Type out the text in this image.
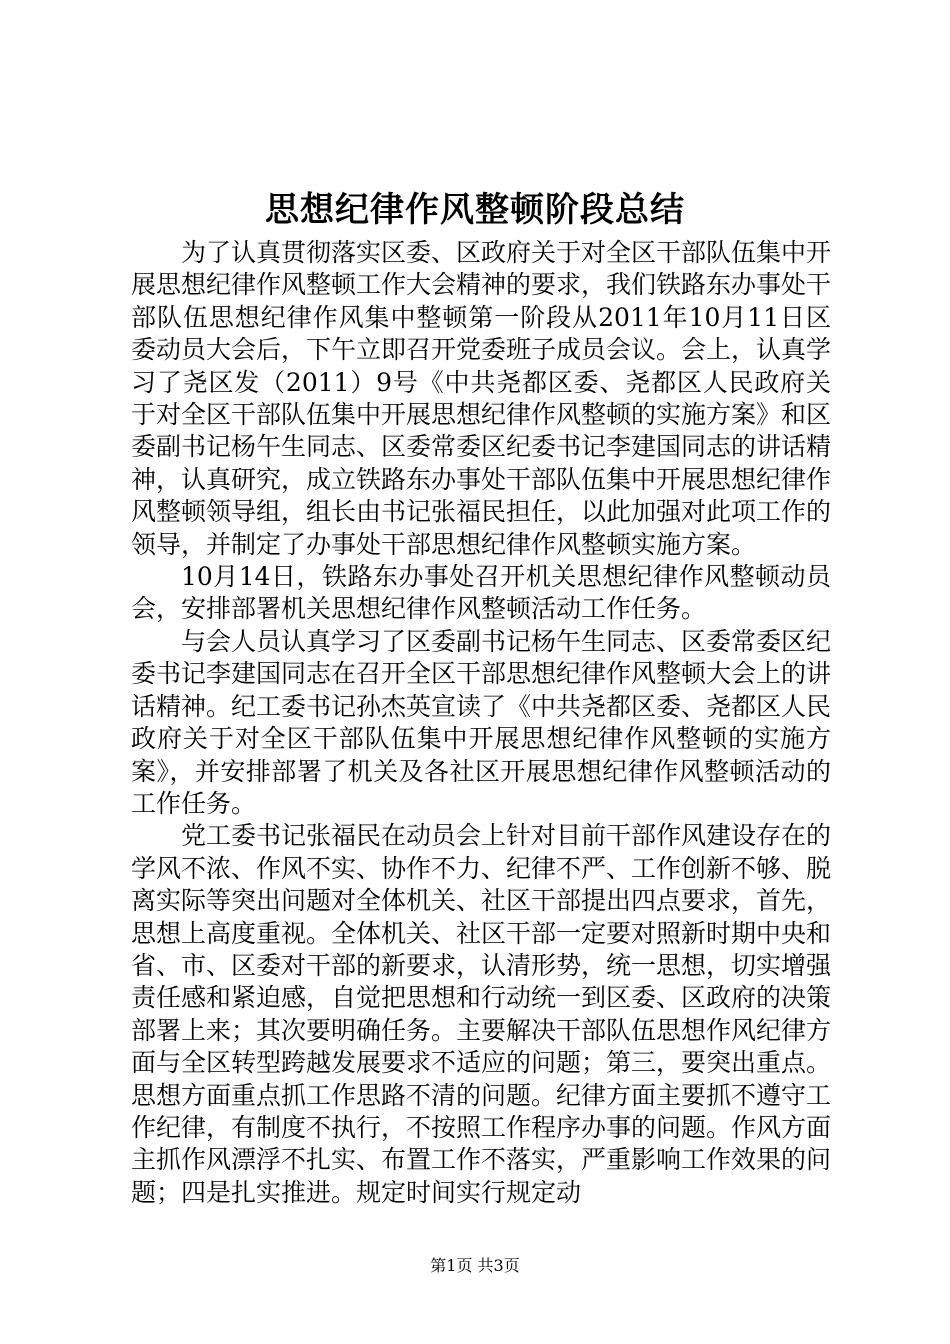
思想纪律作风整顿阶段总结

为了认真贯彻落实区委、区政府关于对全区干部队伍集中开展思想纪律作风整顿工作大会精神的要求，我们铁路东办事处干部队伍思想纪律作风集中整顿第一阶段从2011年10月11日区委动员大会后，下午立即召开党委班子成员会议。会上，认真学习了尧区发（2011）9号《中共尧都区委、尧都区人民政府关于对全区干部队伍集中开展思想纪律作风整顿的实施方案》和区委副书记杨午生同志、区委常委区纪委书记李建国同志的讲话精神，认真研究，成立铁路东办事处干部队伍集中开展思想纪律作风整顿领导组，组长由书记张福民担任，以此加强对此项工作的领导，并制定了办事处干部思想纪律作风整顿实施方案。

10月14日，铁路东办事处召开机关思想纪律作风整顿动员会，安排部署机关思想纪律作风整顿活动工作任务。

与会人员认真学习了区委副书记杨午生同志、区委常委区纪委书记李建国同志在召开全区干部思想纪律作风整顿大会上的讲话精神。纪工委书记孙杰英宣读了《中共尧都区委、尧都区人民政府关于对全区干部队伍集中开展思想纪律作风整顿的实施方案》，并安排部署了机关及各社区开展思想纪律作风整顿活动的工作任务。

党工委书记张福民在动员会上针对目前干部作风建设存在的学风不浓、作风不实、协作不力、纪律不严、工作创新不够、脱离实际等突出问题对全体机关、社区干部提出四点要求，首先，思想上高度重视。全体机关、社区干部一定要对照新时期中央和省、市、区委对干部的新要求，认清形势，统一思想，切实增强责任感和紧迫感，自觉把思想和行动统一到区委、区政府的决策部署上来；其次要明确任务。主要解决干部队伍思想作风纪律方面与全区转型跨越发展要求不适应的问题；第三，要突出重点。思想方面重点抓工作思路不清的问题。纪律方面主要抓不遵守工作纪律，有制度不执行，不按照工作程序办事的问题。作风方面主抓作风漂浮不扎实、布置工作不落实，严重影响工作效果的问题；四是扎实推进。规定时间实行规定动

第1页 共3页
